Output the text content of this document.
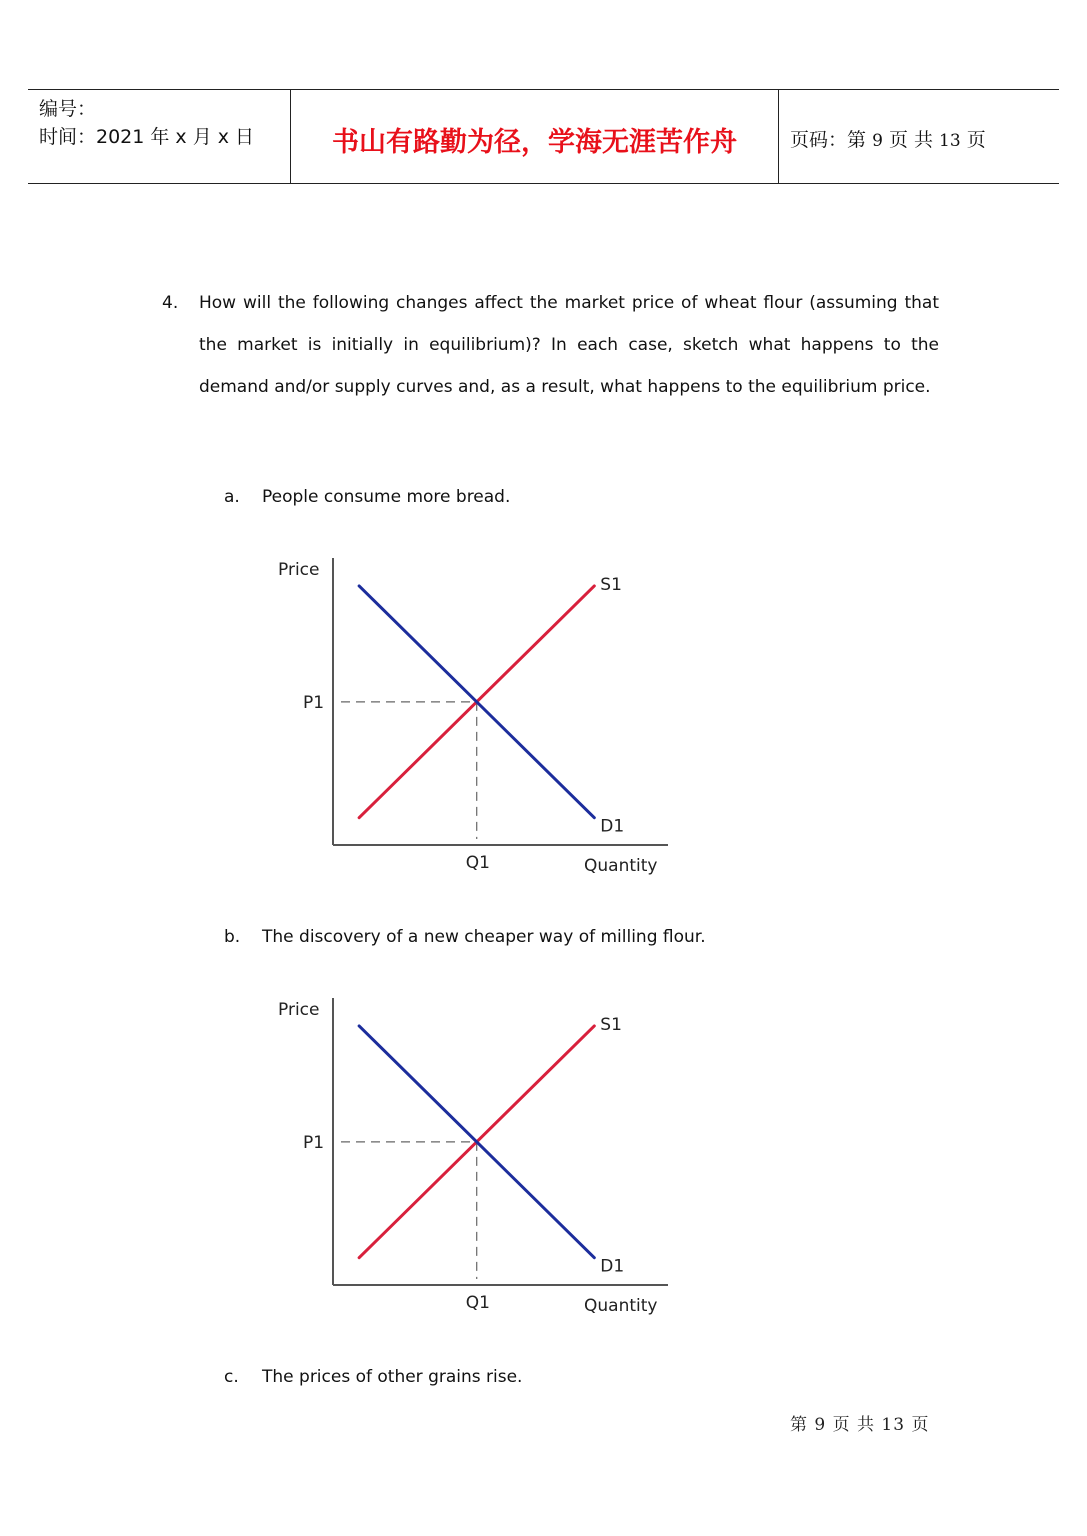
编号：
时间：2021 年 x 月 x 日	书山有路勤为径，学海无涯苦作舟	页码：第 9 页 共 13 页
4. How will the following changes affect the market price of wheat flour (assuming that the market is initially in equilibrium)? In each case, sketch what happens to the demand and/or supply curves and, as a result, what happens to the equilibrium price.
a. People consume more bread.
Price
Quantity
S1
D1
P1
Q1
b. The discovery of a new cheaper way of milling flour.
Price
Quantity
S1
D1
P1
Q1
c. The prices of other grains rise.
第 9 页 共 13 页
